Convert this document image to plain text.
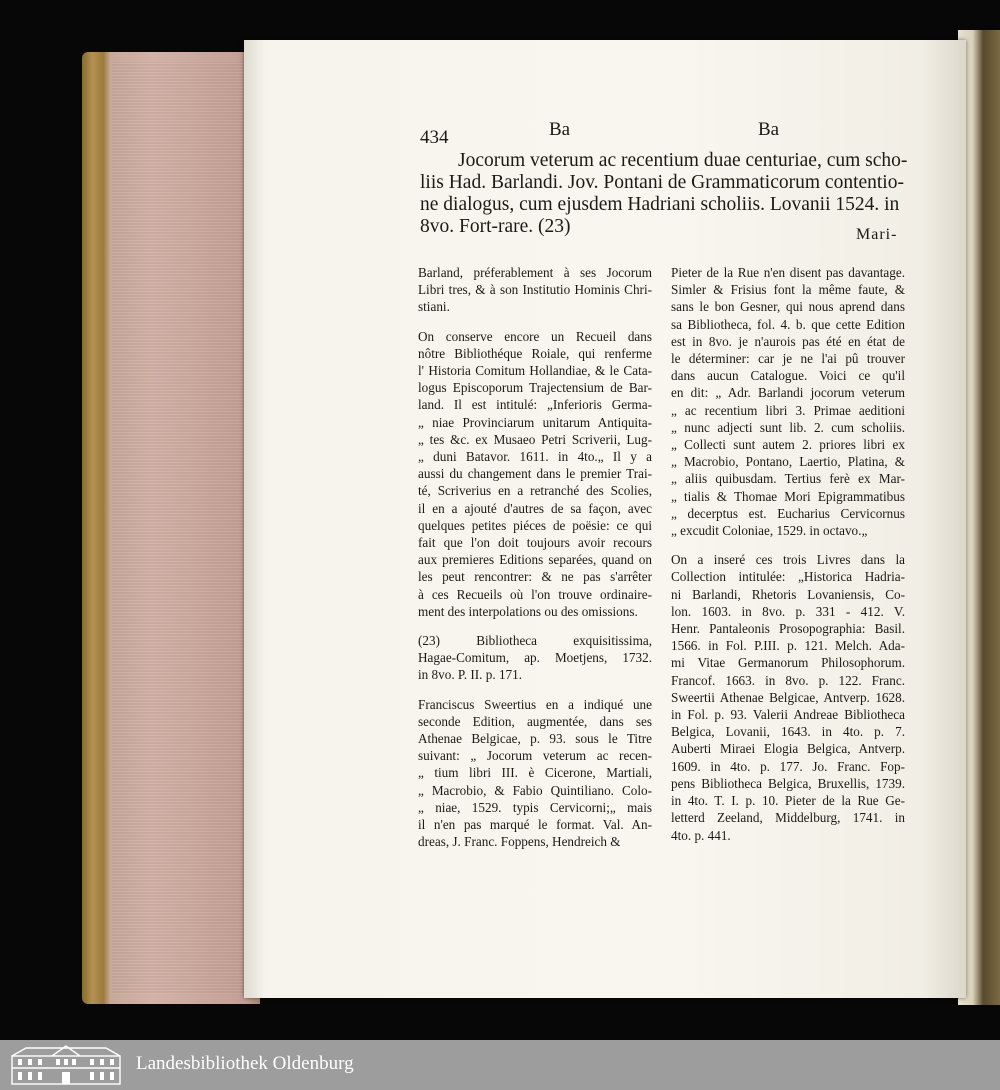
434	Ba	Ba
Jocorum veterum ac recentium duae centuriae, cum scho-
liis Had. Barlandi. Jov. Pontani de Grammaticorum contentio-
ne dialogus, cum ejusdem Hadriani scholiis. Lovanii 1524. in
8vo. Fort-rare. (23)	Mari-
Barland, préferablement à ses Jocorum
Libri tres, & à son Institutio Hominis Chri-
stiani.
On conserve encore un Recueil dans
nôtre Bibliothéque Roiale, qui renferme
l' Historia Comitum Hollandiae, & le Cata-
logus Episcoporum Trajectensium de Bar-
land. Il est intitulé: „Inferioris Germa-
„ niae Provinciarum unitarum Antiquita-
„ tes &c. ex Musaeo Petri Scriverii, Lug-
„ duni Batavor. 1611. in 4to.„ Il y a
aussi du changement dans le premier Trai-
té, Scriverius en a retranché des Scolies,
il en a ajouté d'autres de sa façon, avec
quelques petites piéces de poësie: ce qui
fait que l'on doit toujours avoir recours
aux premieres Editions separées, quand on
les peut rencontrer: & ne pas s'arrêter
à ces Recueils où l'on trouve ordinaire-
ment des interpolations ou des omissions.
(23) Bibliotheca exquisitissima,
Hagae-Comitum, ap. Moetjens, 1732.
in 8vo. P. II. p. 171.
Franciscus Sweertius en a indiqué une
seconde Edition, augmentée, dans ses
Athenae Belgicae, p. 93. sous le Titre
suivant: „ Jocorum veterum ac recen-
„ tium libri III. è Cicerone, Martiali,
„ Macrobio, & Fabio Quintiliano. Colo-
„ niae, 1529. typis Cervicorni;„ mais
il n'en pas marqué le format. Val. An-
dreas, J. Franc. Foppens, Hendreich &
Pieter de la Rue n'en disent pas davantage.
Simler & Frisius font la même faute, &
sans le bon Gesner, qui nous aprend dans
sa Bibliotheca, fol. 4. b. que cette Edition
est in 8vo. je n'aurois pas été en état de
le déterminer: car je ne l'ai pû trouver
dans aucun Catalogue. Voici ce qu'il
en dit: „ Adr. Barlandi jocorum veterum
„ ac recentium libri 3. Primae aeditioni
„ nunc adjecti sunt lib. 2. cum scholiis.
„ Collecti sunt autem 2. priores libri ex
„ Macrobio, Pontano, Laertio, Platina, &
„ aliis quibusdam. Tertius ferè ex Mar-
„ tialis & Thomae Mori Epigrammatibus
„ decerptus est. Eucharius Cervicornus
„ excudit Coloniae, 1529. in octavo.„
On a inseré ces trois Livres dans la
Collection intitulée: „Historica Hadria-
ni Barlandi, Rhetoris Lovaniensis, Co-
lon. 1603. in 8vo. p. 331 - 412. V.
Henr. Pantaleonis Prosopographia: Basil.
1566. in Fol. P.III. p. 121. Melch. Ada-
mi Vitae Germanorum Philosophorum.
Francof. 1663. in 8vo. p. 122. Franc.
Sweertii Athenae Belgicae, Antverp. 1628.
in Fol. p. 93. Valerii Andreae Bibliotheca
Belgica, Lovanii, 1643. in 4to. p. 7.
Auberti Miraei Elogia Belgica, Antverp.
1609. in 4to. p. 177. Jo. Franc. Fop-
pens Bibliotheca Belgica, Bruxellis, 1739.
in 4to. T. I. p. 10. Pieter de la Rue Ge-
letterd Zeeland, Middelburg, 1741. in
4to. p. 441.
Landesbibliothek Oldenburg
